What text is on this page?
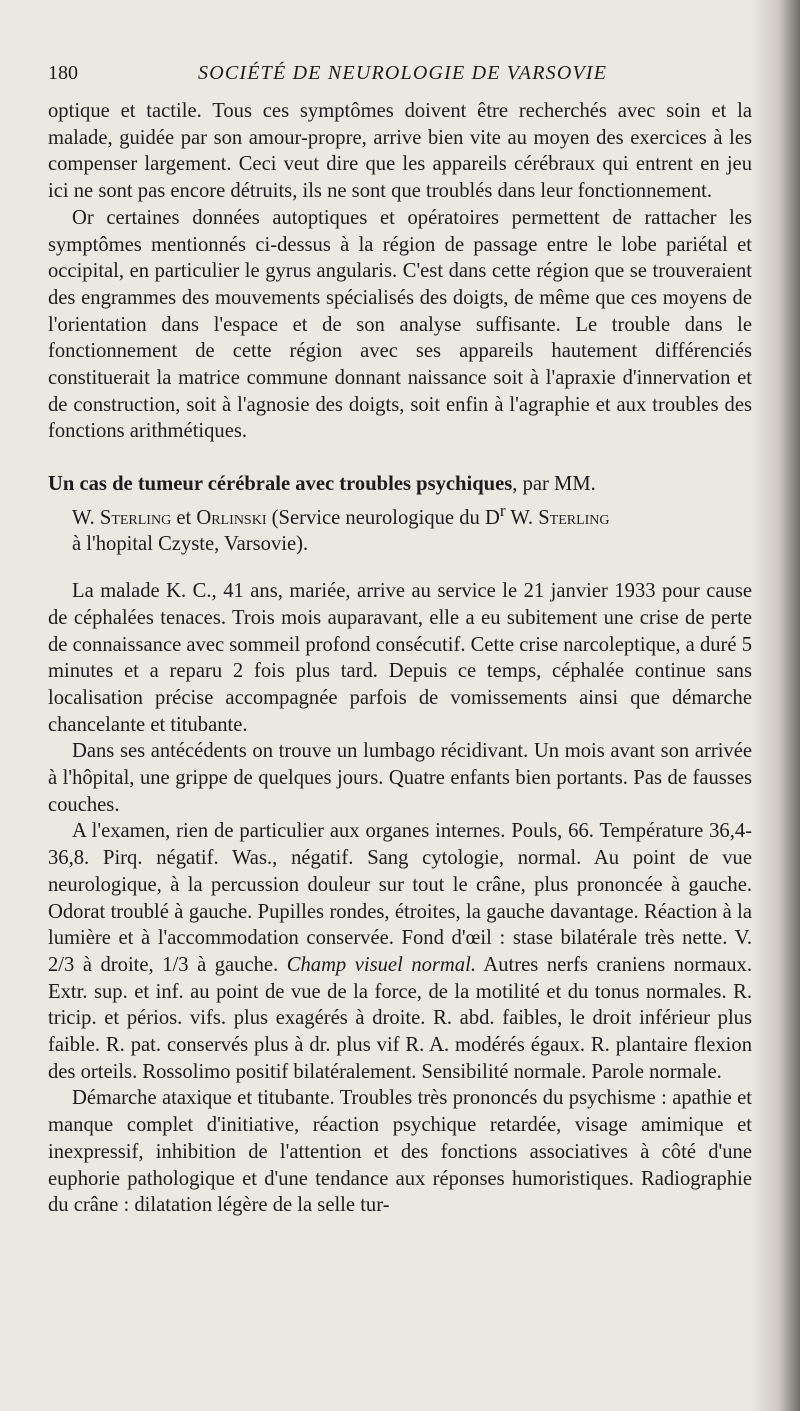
180	SOCIÉTÉ DE NEUROLOGIE DE VARSOVIE

optique et tactile. Tous ces symptômes doivent être recherchés avec soin et la malade, guidée par son amour-propre, arrive bien vite au moyen des exercices à les compenser largement. Ceci veut dire que les appareils cérébraux qui entrent en jeu ici ne sont pas encore détruits, ils ne sont que troublés dans leur fonctionnement.

Or certaines données autoptiques et opératoires permettent de rattacher les symptômes mentionnés ci-dessus à la région de passage entre le lobe pariétal et occipital, en particulier le gyrus angularis. C'est dans cette région que se trouveraient des engrammes des mouvements spécialisés des doigts, de même que ces moyens de l'orientation dans l'espace et de son analyse suffisante. Le trouble dans le fonctionnement de cette région avec ses appareils hautement différenciés constituerait la matrice commune donnant naissance soit à l'apraxie d'innervation et de construction, soit à l'agnosie des doigts, soit enfin à l'agraphie et aux troubles des fonctions arithmétiques.

Un cas de tumeur cérébrale avec troubles psychiques, par MM.
W. Sterling et Orlinski (Service neurologique du $D^r$ W. Sterling
à l'hopital Czyste, Varsovie).

La malade K. C., 41 ans, mariée, arrive au service le 21 janvier 1933 pour cause de céphalées tenaces. Trois mois auparavant, elle a eu subitement une crise de perte de connaissance avec sommeil profond consécutif. Cette crise narcoleptique, a duré 5 minutes et a reparu 2 fois plus tard. Depuis ce temps, céphalée continue sans localisation précise accompagnée parfois de vomissements ainsi que démarche chancelante et titubante.

Dans ses antécédents on trouve un lumbago récidivant. Un mois avant son arrivée à l'hôpital, une grippe de quelques jours. Quatre enfants bien portants. Pas de fausses couches.

A l'examen, rien de particulier aux organes internes. Pouls, 66. Température 36,4-36,8. Pirq. négatif. Was., négatif. Sang cytologie, normal. Au point de vue neurologique, à la percussion douleur sur tout le crâne, plus prononcée à gauche. Odorat troublé à gauche. Pupilles rondes, étroites, la gauche davantage. Réaction à la lumière et à l'accommodation conservée. Fond d'œil : stase bilatérale très nette. V. 2/3 à droite, 1/3 à gauche. Champ visuel normal. Autres nerfs craniens normaux. Extr. sup. et inf. au point de vue de la force, de la motilité et du tonus normales. R. tricip. et périos. vifs. plus exagérés à droite. R. abd. faibles, le droit inférieur plus faible. R. pat. conservés plus à dr. plus vif R. A. modérés égaux. R. plantaire flexion des orteils. Rossolimo positif bilatéralement. Sensibilité normale. Parole normale.

Démarche ataxique et titubante. Troubles très prononcés du psychisme : apathie et manque complet d'initiative, réaction psychique retardée, visage amimique et inexpressif, inhibition de l'attention et des fonctions associatives à côté d'une euphorie pathologique et d'une tendance aux réponses humoristiques. Radiographie du crâne : dilatation légère de la selle tur-
